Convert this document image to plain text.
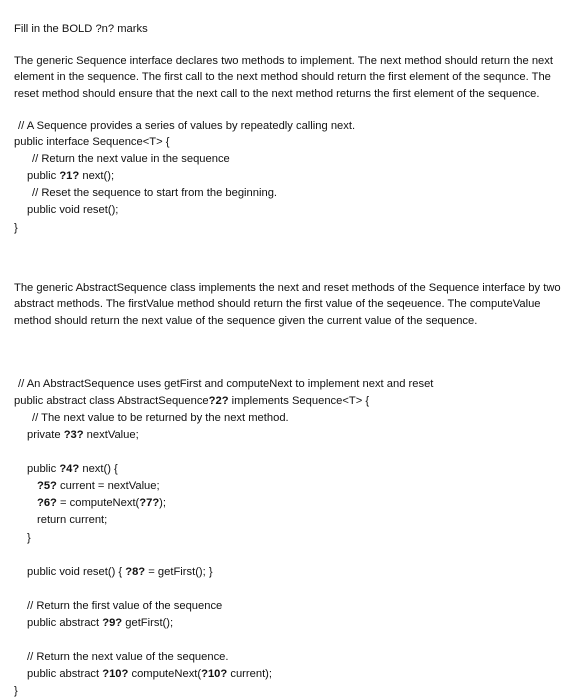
Fill in the BOLD ?n? marks

The generic Sequence interface declares two methods to implement. The next method should return the next element in the sequence. The first call to the next method should return the first element of the sequnce. The reset method should ensure that the next call to the next method returns the first element of the sequence.

// A Sequence provides a series of values by repeatedly calling next.
public interface Sequence<T> {
// Return the next value in the sequence
public ?1? next();
// Reset the sequence to start from the beginning.
public void reset();
}

The generic AbstractSequence class implements the next and reset methods of the Sequence interface by two abstract methods. The firstValue method should return the first value of the seqeuence. The computeValue method should return the next value of the sequence given the current value of the sequence.

// An AbstractSequence uses getFirst and computeNext to implement next and reset
public abstract class AbstractSequence?2? implements Sequence<T> {
// The next value to be returned by the next method.
private ?3? nextValue;
public ?4? next() {
?5? current = nextValue;
?6? = computeNext(?7?);
return current;
}
public void reset() { ?8? = getFirst(); }
// Return the first value of the sequence
public abstract ?9? getFirst();
// Return the next value of the sequence.
public abstract ?10? computeNext(?10? current);
}
